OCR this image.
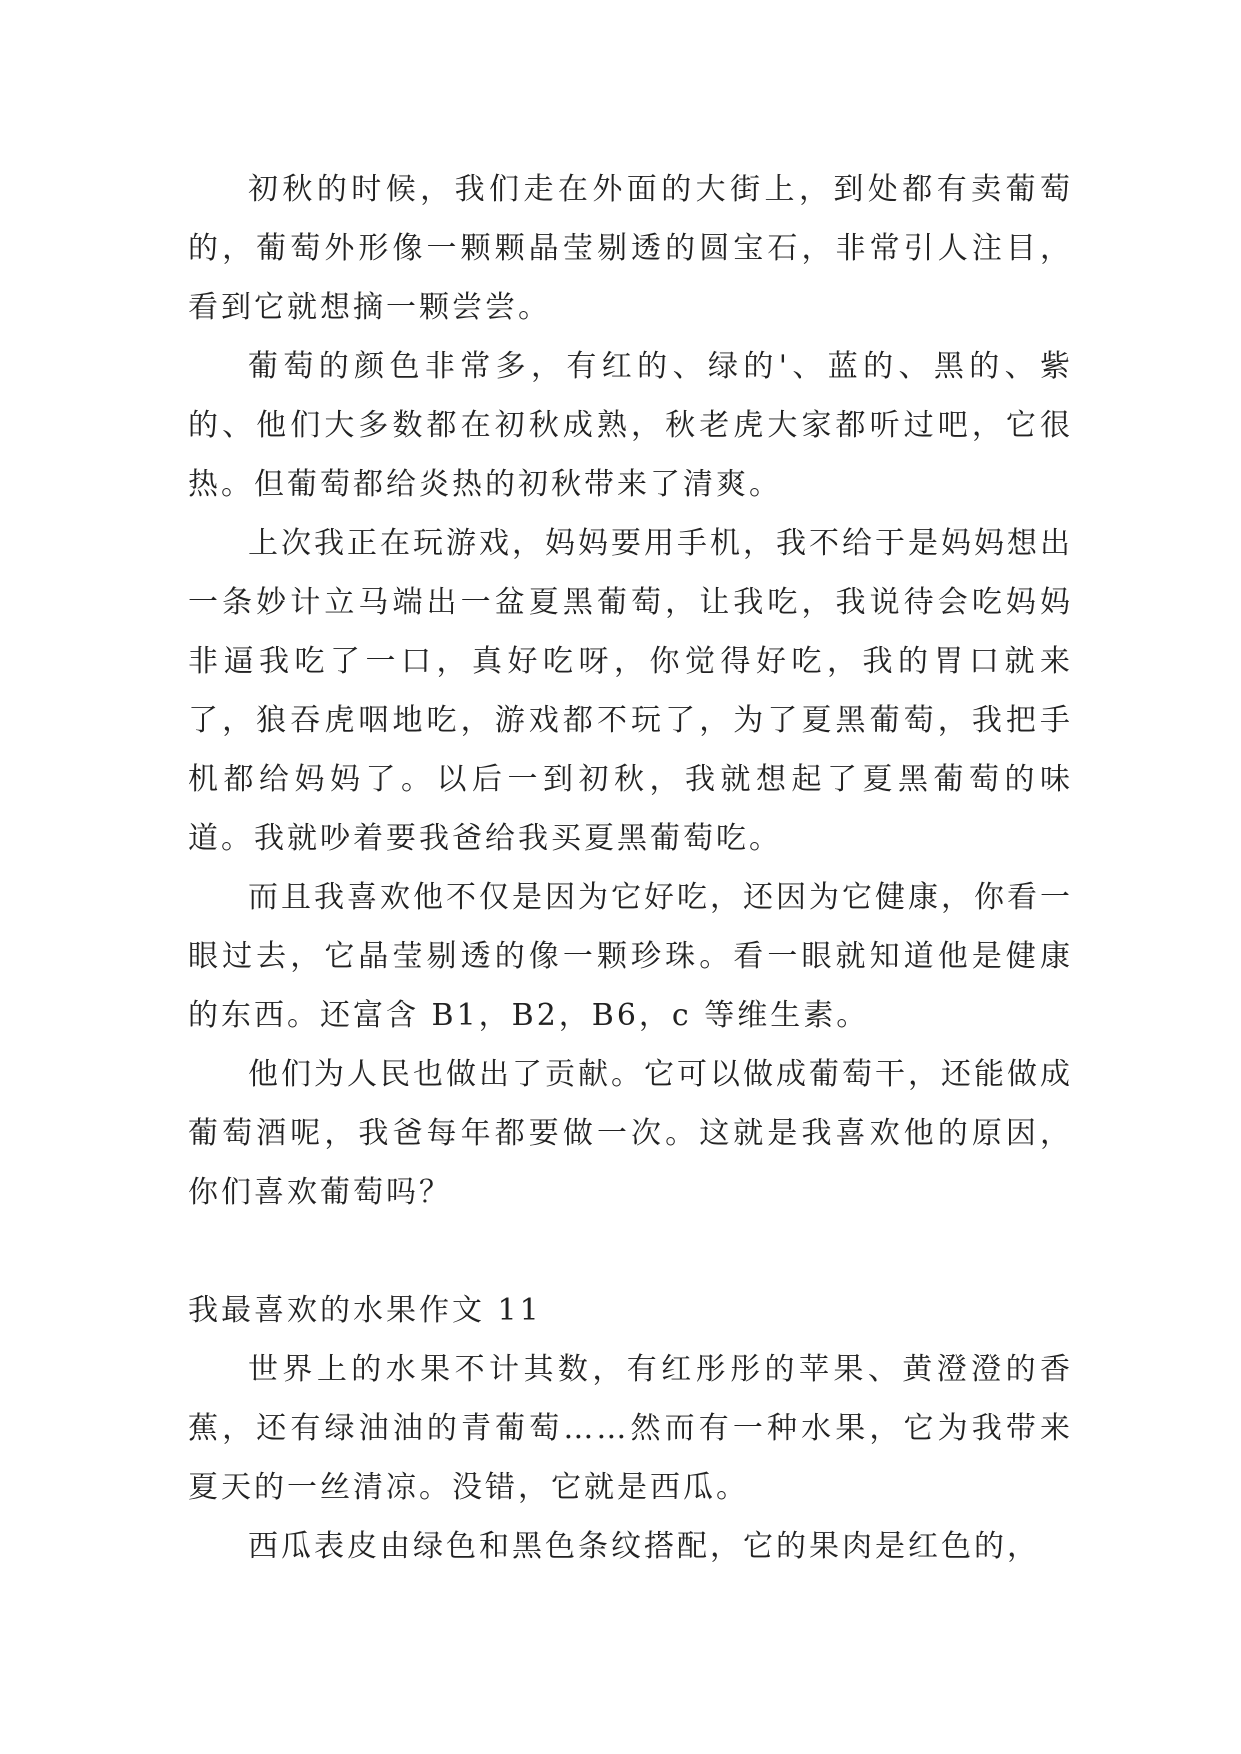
初秋的时候，我们走在外面的大街上，到处都有卖葡萄的，葡萄外形像一颗颗晶莹剔透的圆宝石，非常引人注目，看到它就想摘一颗尝尝。

葡萄的颜色非常多，有红的、绿的'、蓝的、黑的、紫的、他们大多数都在初秋成熟，秋老虎大家都听过吧，它很热。但葡萄都给炎热的初秋带来了清爽。

上次我正在玩游戏，妈妈要用手机，我不给于是妈妈想出一条妙计立马端出一盆夏黑葡萄，让我吃，我说待会吃妈妈非逼我吃了一口，真好吃呀，你觉得好吃，我的胃口就来了，狼吞虎咽地吃，游戏都不玩了，为了夏黑葡萄，我把手机都给妈妈了。以后一到初秋，我就想起了夏黑葡萄的味道。我就吵着要我爸给我买夏黑葡萄吃。

而且我喜欢他不仅是因为它好吃，还因为它健康，你看一眼过去，它晶莹剔透的像一颗珍珠。看一眼就知道他是健康的东西。还富含 B1，B2，B6，c 等维生素。

他们为人民也做出了贡献。它可以做成葡萄干，还能做成葡萄酒呢，我爸每年都要做一次。这就是我喜欢他的原因，你们喜欢葡萄吗？

我最喜欢的水果作文 11

世界上的水果不计其数，有红彤彤的苹果、黄澄澄的香蕉，还有绿油油的青葡萄……然而有一种水果，它为我带来夏天的一丝清凉。没错，它就是西瓜。

西瓜表皮由绿色和黑色条纹搭配，它的果肉是红色的，
